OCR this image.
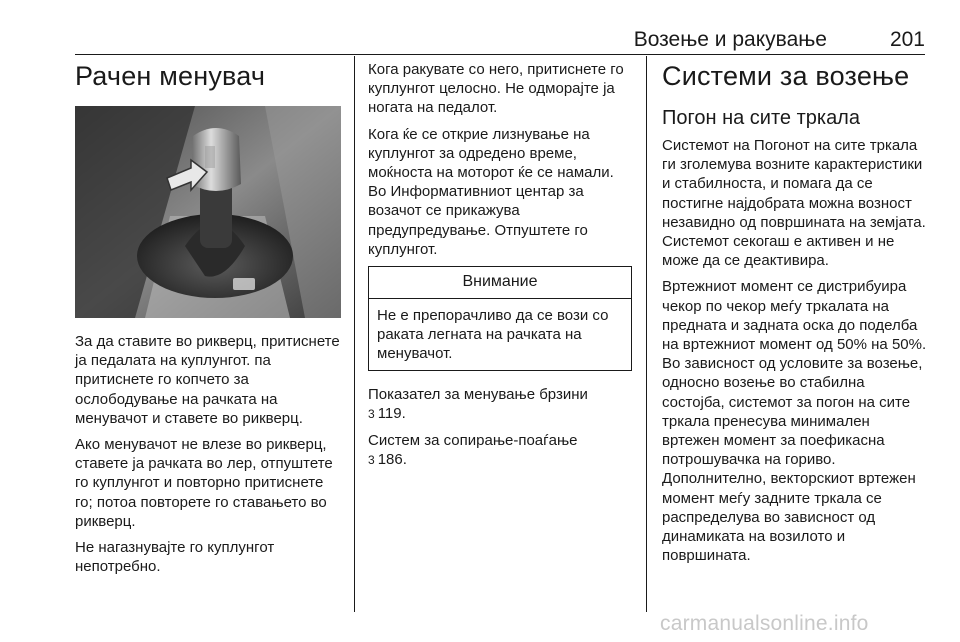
Возење и ракување	201
Рачен менувач

За да ставите во рикверц, притиснете ја педалата на куплунгот. па притиснете го копчето за ослободување на рачката на менувачот и ставете во рикверц.

Ако менувачот не влезе во рикверц, ставете ја рачката во лер, отпуштете го куплунгот и повторно притиснете го; потоа повторете го ставањето во рикверц.

Не нагазнувајте го куплунгот непотребно.

Кога ракувате со него, притиснете го куплунгот целосно. Не одморајте ја ногата на педалот.

Кога ќе се открие лизнување на куплунгот за одредено време, моќноста на моторот ќе се намали. Во Информативниот центар за возачот се прикажува предупредување. Отпуштете го куплунгот.

Внимание
Не е препорачливо да се вози со раката легната на рачката на менувачот.

Показател за менување брзини
3 119.

Систем за сопирање-поаѓање
3 186.

Системи за возење
Погон на сите тркала

Системот на Погонот на сите тркала ги зголемува возните карактеристики и стабилноста, и помага да се постигне најдобрата можна возност незавидно од површината на земјата. Системот секогаш е активен и не може да се деактивира.

Вртежниот момент се дистрибуира чекор по чекор меѓу тркалата на предната и задната оска до поделба на вртежниот момент од 50% на 50%. Во зависност од условите за возење, односно возење во стабилна состојба, системот за погон на сите тркала пренесува минимален вртежен момент за поефикасна потрошувачка на гориво. Дополнително, векторскиот вртежен момент меѓу задните тркала се распределува во зависност од динамиката на возилото и површината.

carmanualsonline.info
